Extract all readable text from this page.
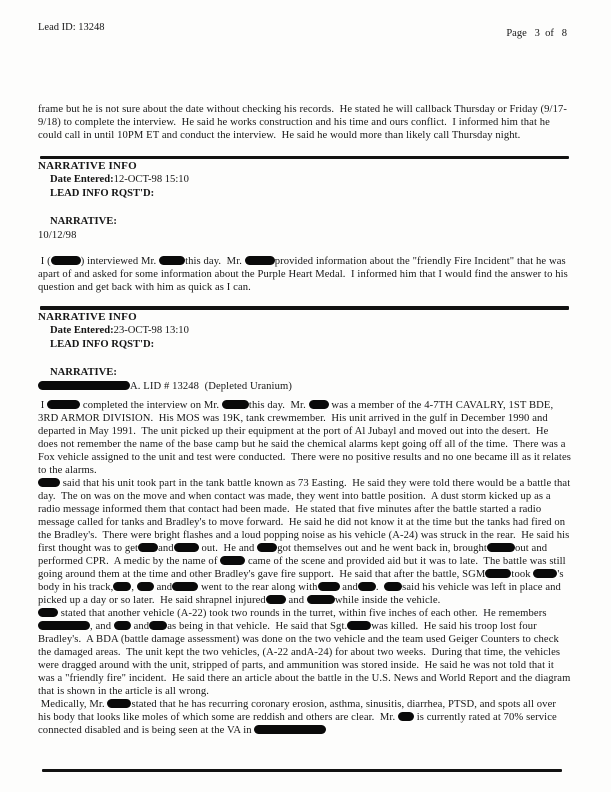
Lead ID: 13248
Page   3  of   8

frame but he is not sure about the date without checking his records.  He stated he will callback Thursday or Friday (9/17-9/18) to complete the interview.  He said he works construction and his time and ours conflict.  I informed him that he could call in until 10PM ET and conduct the interview.  He said he would more than likely call Thursday night.

NARRATIVE INFO
Date Entered:12-OCT-98 15:10
LEAD INFO RQST'D:
NARRATIVE:

10/12/98

I (	) interviewed Mr. this day.  Mr.	provided information about the "friendly Fire Incident" that he was apart of and asked for some information about the Purple Heart Medal.  I informed him that I would find the answer to his question and get back with him as quick as I can.

NARRATIVE INFO
Date Entered:23-OCT-98 13:10
LEAD INFO RQST'D:
NARRATIVE:

A. LID # 13248  (Depleted Uranium)

I	completed the interview on Mr.	this day.  Mr.  was a member of the 4-7TH CAVALRY, 1ST BDE, 3RD ARMOR DIVISION.  His MOS was 19K, tank crewmember.  His unit arrived in the gulf in December 1990 and departed in May 1991.  The unit picked up their equipment at the port of Al Jubayl and moved out into the desert.  He does not remember the name of the base camp but he said the chemical alarms kept going off all of the time.  There was a Fox vehicle assigned to the unit and test were conducted.  There were no positive results and no one became ill as it relates to the alarms.

said that his unit took part in the tank battle known as 73 Easting.  He said they were told there would be a battle that day.  The on was on the move and when contact was made, they went into battle position.  A dust storm kicked up as a radio message informed them that contact had been made.  He stated that five minutes after the battle started a radio message called for tanks and Bradley's to move forward.  He said he did not know it at the time but the tanks had fired on the Bradley's.  There were bright flashes and a loud popping noise as his vehicle (A-24) was struck in the rear.  He said his first thought was to get and out.  He and got themselves out and he went back in, brought	out and performed CPR.  A medic by the name of  came of the scene and provided aid but it was to late.  The battle was still going around them at the time and other Bradley's gave fire support.  He said that after the battle, SGM took 's body in his track, ,  and went to the rear along with and .  said his vehicle was left in place and picked up a day or so later.  He said shrapnel injured and	while inside the vehicle.

stated that another vehicle (A-22) took two rounds in the turret, within five inches of each other.  He remembers, and  and as being in that vehicle.  He said that Sgt. was killed.  He said his troop lost four Bradley's.  A BDA (battle damage assessment) was done on the two vehicle and the team used Geiger Counters to check the damaged areas.  The unit kept the two vehicles, (A-22 andA-24) for about two weeks.  During that time, the vehicles were dragged around with the unit, stripped of parts, and ammunition was stored inside.  He said he was not told that it was a "friendly fire" incident.  He said there an article about the battle in the U.S. News and World Report and the diagram that is shown in the article is all wrong.

Medically, Mr. stated that he has recurring coronary erosion, asthma, sinusitis, diarrhea, PTSD, and spots all over his body that looks like moles of which some are reddish and others are clear.  Mr.  is currently rated at 70% service connected disabled and is being seen at the VA in
